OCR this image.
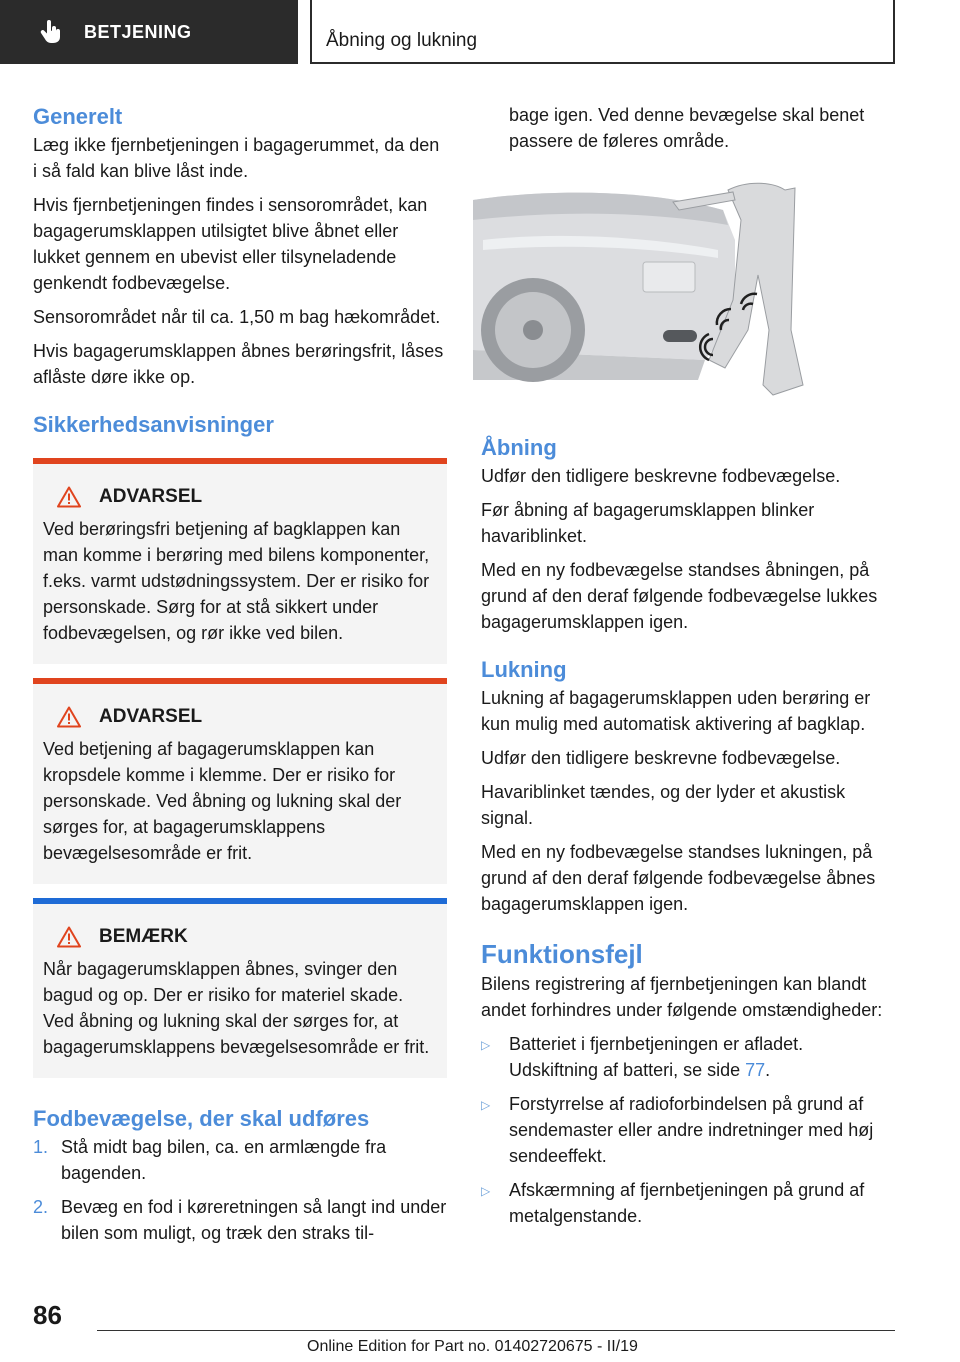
BETJENING	Åbning og lukning
Generelt

Læg ikke fjernbetjeningen i bagagerummet, da den i så fald kan blive låst inde.

Hvis fjernbetjeningen findes i sensorområdet, kan bagagerumsklappen utilsigtet blive åbnet eller lukket gennem en ubevist eller tilsyneladende genkendt fodbevægelse.

Sensorområdet når til ca. 1,50 m bag hækområdet.

Hvis bagagerumsklappen åbnes berøringsfrit, låses aflåste døre ikke op.

Sikkerhedsanvisninger
ADVARSEL

Ved berøringsfri betjening af bagklappen kan man komme i berøring med bilens komponenter, f.eks. varmt udstødningssystem. Der er risiko for personskade. Sørg for at stå sikkert under fodbevægelsen, og rør ikke ved bilen.

ADVARSEL

Ved betjening af bagagerumsklappen kan kropsdele komme i klemme. Der er risiko for personskade. Ved åbning og lukning skal der sørges for, at bagagerumsklappens bevægelsesområde er frit.

BEMÆRK

Når bagagerumsklappen åbnes, svinger den bagud og op. Der er risiko for materiel skade. Ved åbning og lukning skal der sørges for, at bagagerumsklappens bevægelsesområde er frit.

Fodbevægelse, der skal udføres
1. Stå midt bag bilen, ca. en armlængde fra bagenden.
2. Bevæg en fod i køreretningen så langt ind under bilen som muligt, og træk den straks til-

bage igen. Ved denne bevægelse skal benet passere de føleres område.

Åbning

Udfør den tidligere beskrevne fodbevægelse.

Før åbning af bagagerumsklappen blinker havariblinket.

Med en ny fodbevægelse standses åbningen, på grund af den deraf følgende fodbevægelse lukkes bagagerumsklappen igen.

Lukning

Lukning af bagagerumsklappen uden berøring er kun mulig med automatisk aktivering af bagklap.

Udfør den tidligere beskrevne fodbevægelse.

Havariblinket tændes, og der lyder et akustisk signal.

Med en ny fodbevægelse standses lukningen, på grund af den deraf følgende fodbevægelse åbnes bagagerumsklappen igen.

Funktionsfejl

Bilens registrering af fjernbetjeningen kan blandt andet forhindres under følgende omstændigheder:

▷	Batteriet i fjernbetjeningen er afladet. Udskiftning af batteri, se side 77.
▷	Forstyrrelse af radioforbindelsen på grund af sendemaster eller andre indretninger med høj sendeeffekt.
▷	Afskærmning af fjernbetjeningen på grund af metalgenstande.
86
Online Edition for Part no. 01402720675 - II/19
